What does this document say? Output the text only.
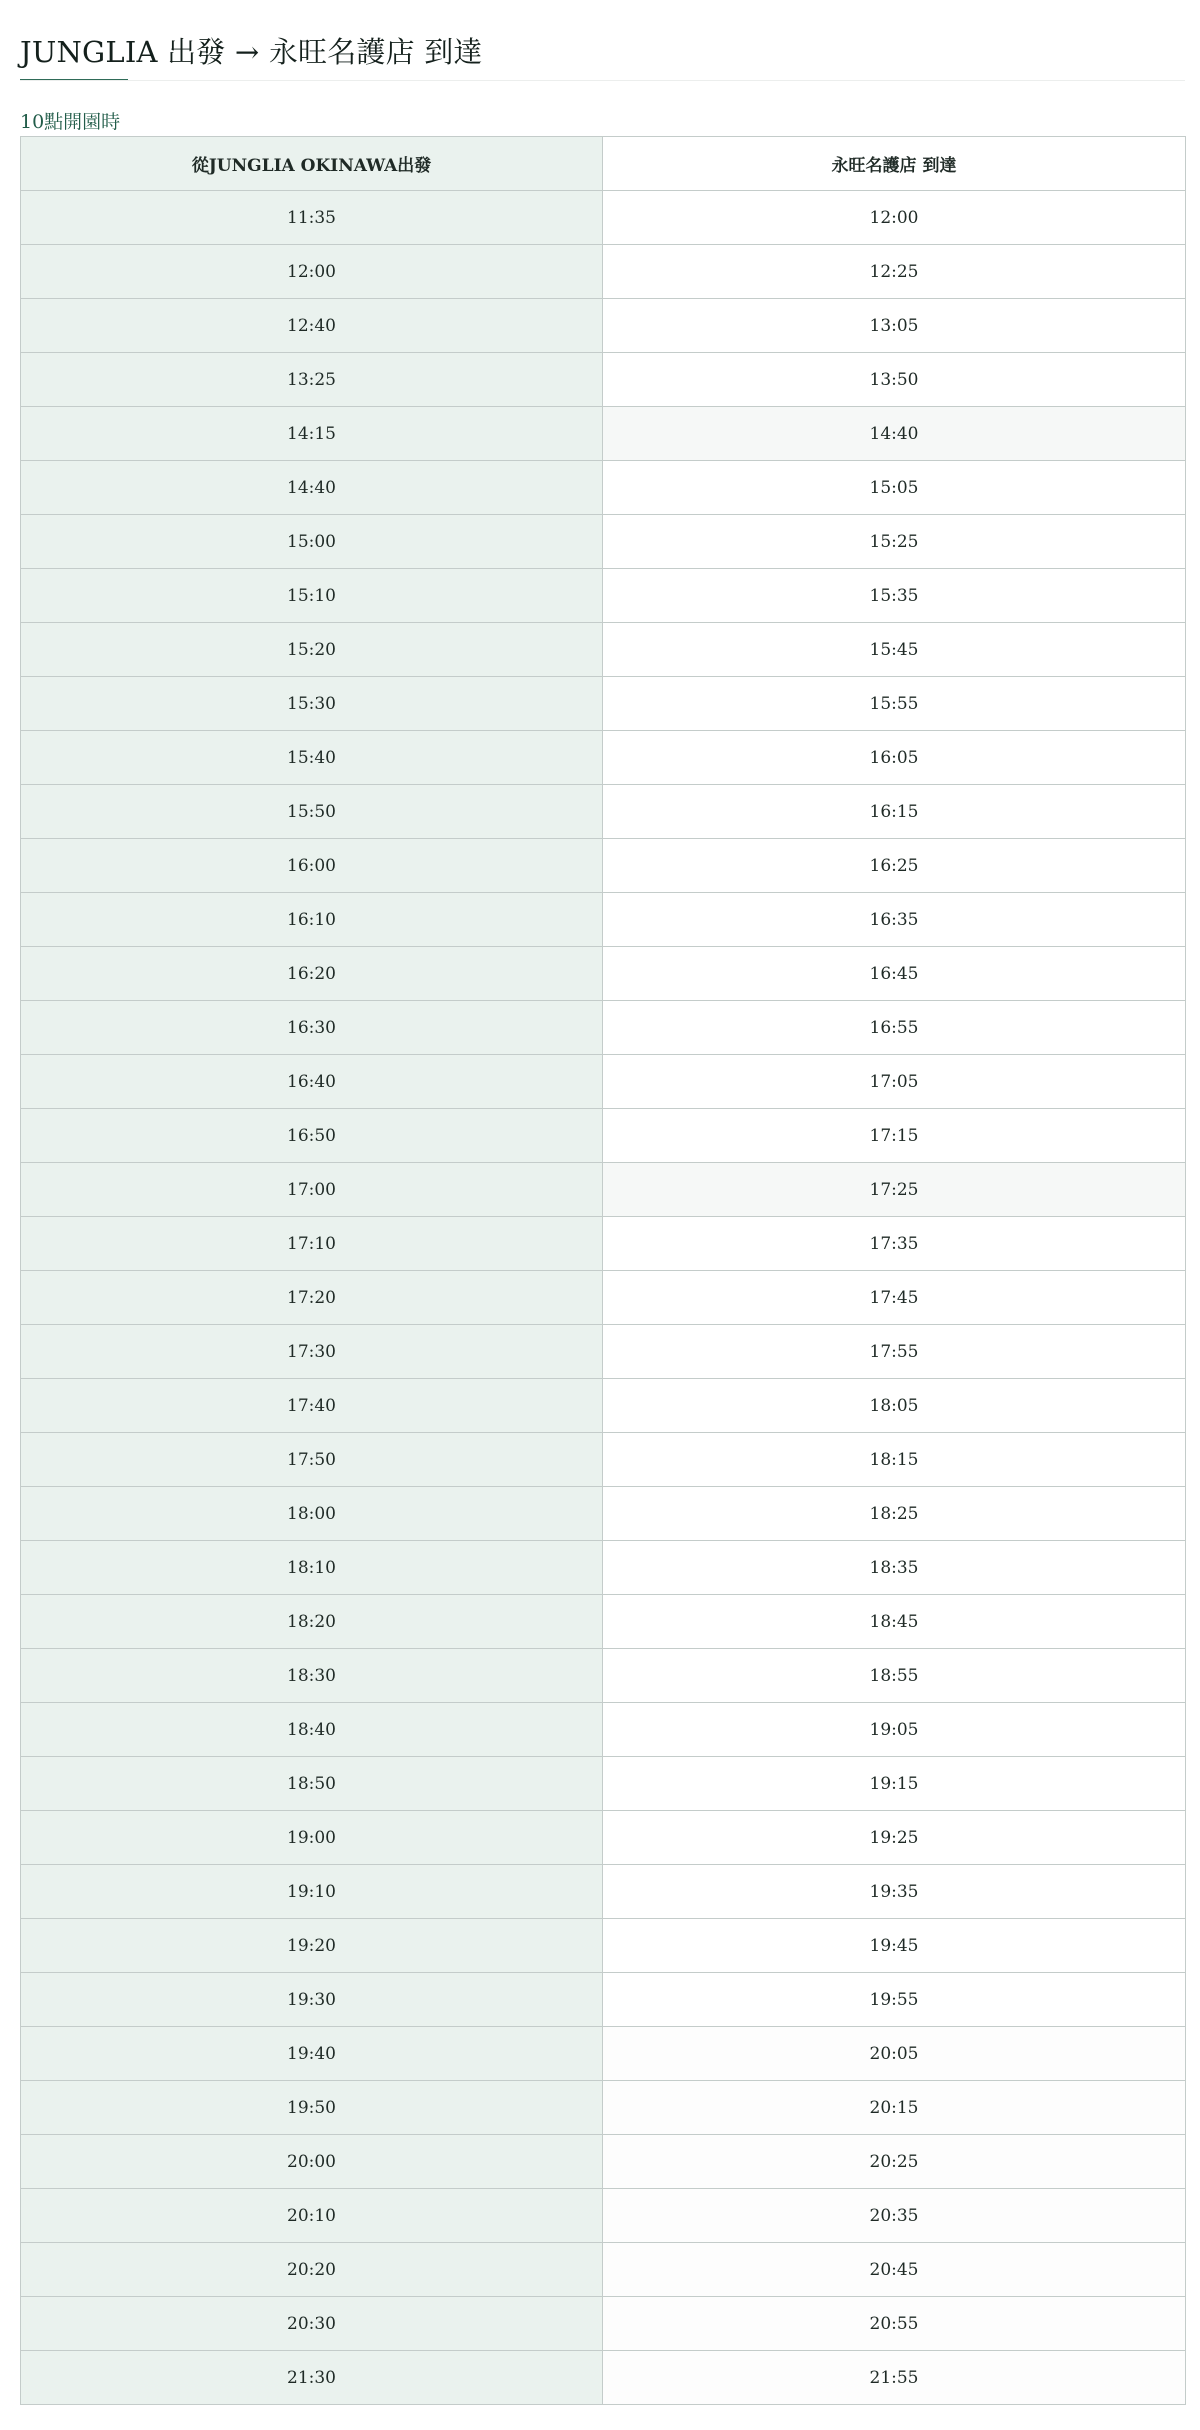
JUNGLIA 出發 → 永旺名護店 到達
10點開園時
從JUNGLIA OKINAWA出發	永旺名護店 到達
11:35	12:00
12:00	12:25
12:40	13:05
13:25	13:50
14:15	14:40
14:40	15:05
15:00	15:25
15:10	15:35
15:20	15:45
15:30	15:55
15:40	16:05
15:50	16:15
16:00	16:25
16:10	16:35
16:20	16:45
16:30	16:55
16:40	17:05
16:50	17:15
17:00	17:25
17:10	17:35
17:20	17:45
17:30	17:55
17:40	18:05
17:50	18:15
18:00	18:25
18:10	18:35
18:20	18:45
18:30	18:55
18:40	19:05
18:50	19:15
19:00	19:25
19:10	19:35
19:20	19:45
19:30	19:55
19:40	20:05
19:50	20:15
20:00	20:25
20:10	20:35
20:20	20:45
20:30	20:55
21:30	21:55
